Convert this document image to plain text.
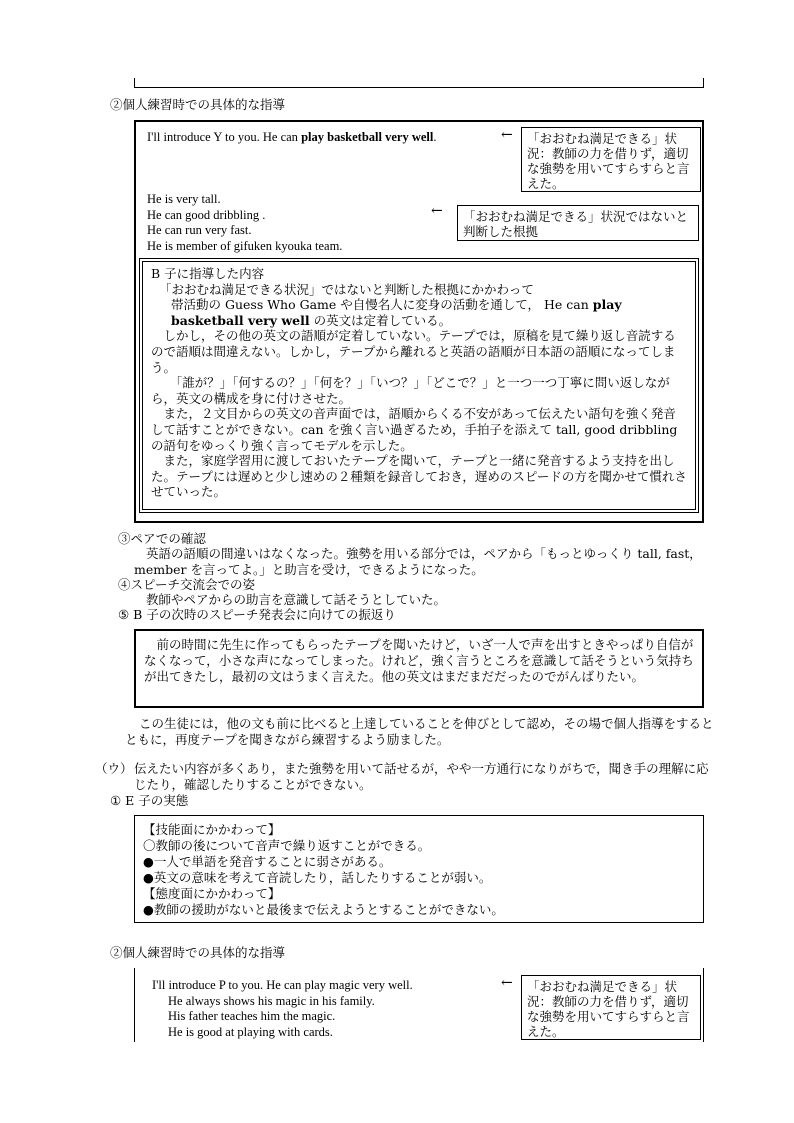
②個人練習時での具体的な指導
I'll introduce Y to you. He can play basketball very well.	←	「おおむね満足できる」状況：教師の力を借りず，適切な強勢を用いてすらすらと言えた。
He is very tall.
He can good dribbling .
He can run very fast.
He is member of gifuken kyouka team.
←	「おおむね満足できる」状況ではないと判断した根拠
B 子に指導した内容
「おおむね満足できる状況」ではないと判断した根拠にかかわって
帯活動の Guess Who Game や自慢名人に変身の活動を通して， He can play
basketball very well の英文は定着している。
しかし，その他の英文の語順が定着していない。テープでは，原稿を見て繰り返し音読するので語順は間違えない。しかし，テープから離れると英語の語順が日本語の語順になってしまう。
「誰が？」「何するの？」「何を？」「いつ？」「どこで？」と一つ一つ丁寧に問い返しながら，英文の構成を身に付けさせた。
また，２文目からの英文の音声面では，語順からくる不安があって伝えたい語句を強く発音して話すことができない。can を強く言い過ぎるため，手拍子を添えて tall, good dribbling の語句をゆっくり強く言ってモデルを示した。
また，家庭学習用に渡しておいたテープを聞いて，テープと一緒に発音するよう支持を出した。テープには遅めと少し速めの２種類を録音しておき，遅めのスピードの方を聞かせて慣れさせていった。
③ペアでの確認
英語の語順の間違いはなくなった。強勢を用いる部分では，ペアから「もっとゆっくり tall, fast，member を言ってよ。」と助言を受け，できるようになった。
④スピーチ交流会での姿
教師やペアからの助言を意識して話そうとしていた。
⑤ B 子の次時のスピーチ発表会に向けての振返り
前の時間に先生に作ってもらったテープを聞いたけど，いざ一人で声を出すときやっぱり自信がなくなって，小さな声になってしまった。けれど，強く言うところを意識して話そうという気持ちが出てきたし，最初の文はうまく言えた。他の英文はまだまだだったのでがんばりたい。
この生徒には，他の文も前に比べると上達していることを伸びとして認め，その場で個人指導をするとともに，再度テープを聞きながら練習するよう励ました。
（ウ） 伝えたい内容が多くあり，また強勢を用いて話せるが，やや一方通行になりがちで，聞き手の理解に応じたり，確認したりすることができない。
① E 子の実態
【技能面にかかわって】
〇教師の後について音声で繰り返すことができる。
●一人で単語を発音することに弱さがある。
●英文の意味を考えて音読したり，話したりすることが弱い。
【態度面にかかわって】
●教師の援助がないと最後まで伝えようとすることができない。
②個人練習時での具体的な指導
I'll introduce P to you. He can play magic very well.
He always shows his magic in his family.
His father teaches him the magic.
He is good at playing with cards.
←	「おおむね満足できる」状況：教師の力を借りず，適切な強勢を用いてすらすらと言えた。
